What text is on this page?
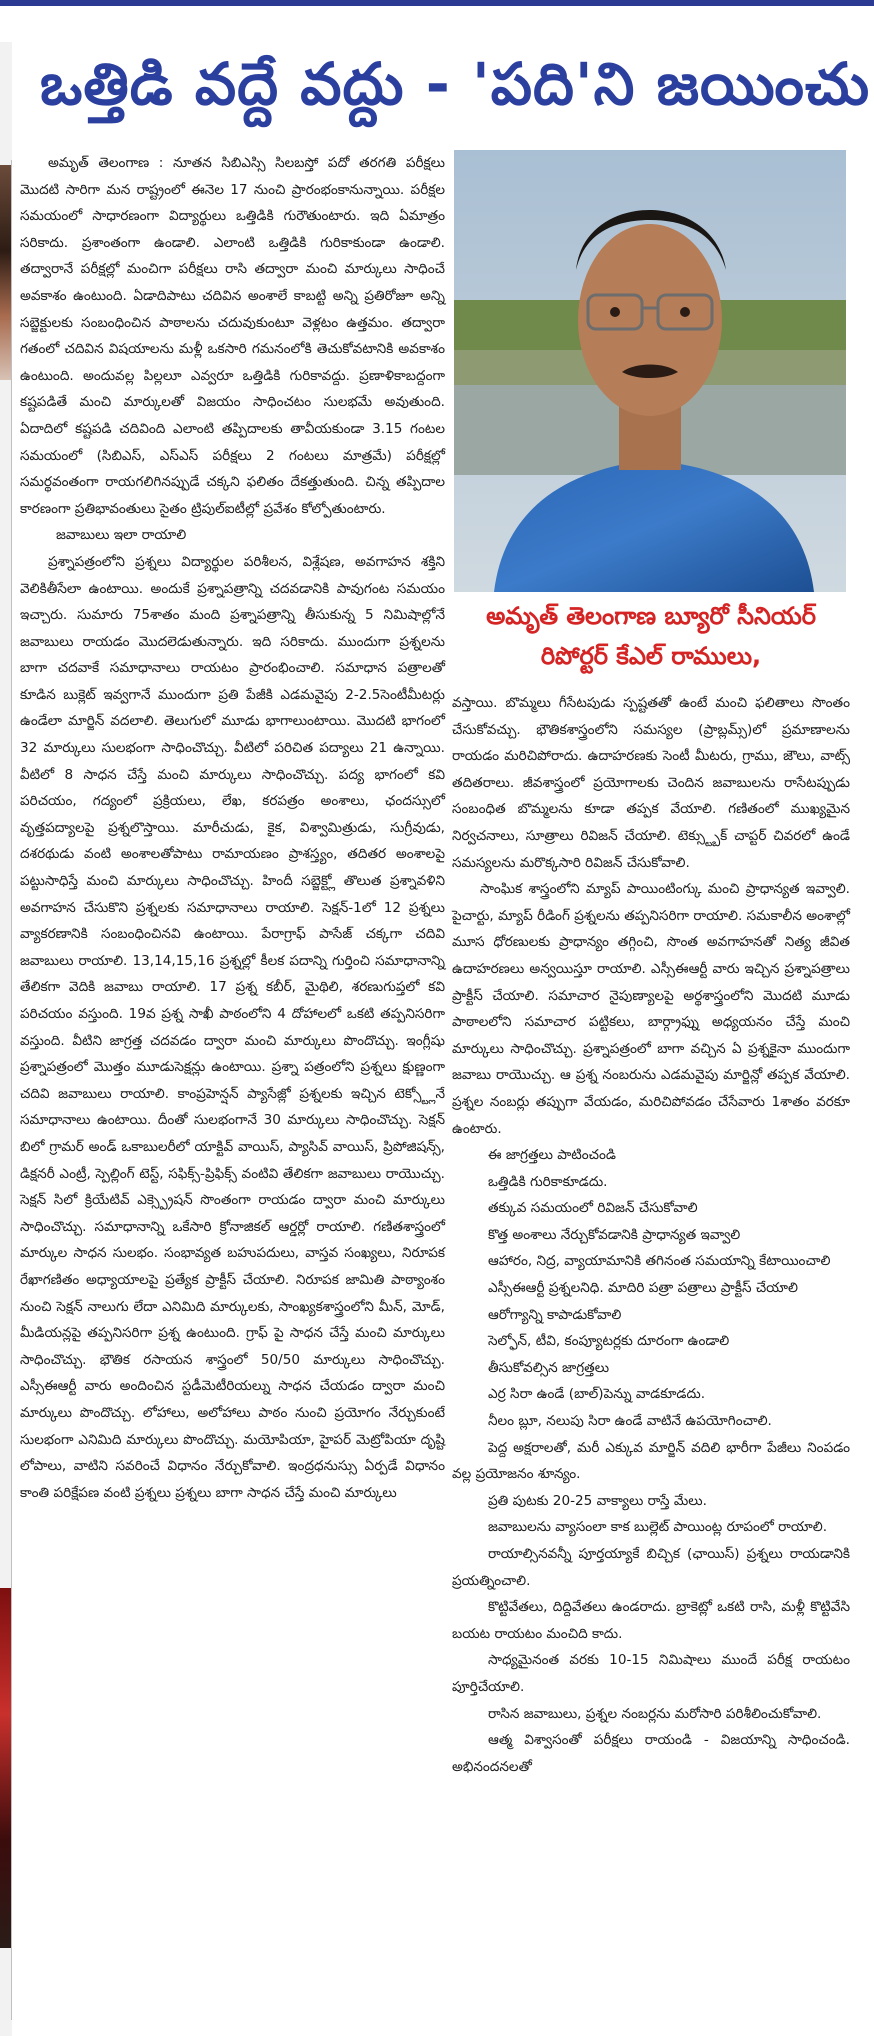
ఒత్తిడి వద్దే వద్దు - 'పది'ని జయించు

అమృత్ తెలంగాణ : నూతన సిబిఎస్సి సిలబస్తో పదో తరగతి పరీక్షలు మొదటి సారిగా మన రాష్ట్రంలో ఈనెల 17 నుంచి ప్రారంభంకానున్నాయి. పరీక్షల సమయంలో సాధారణంగా విద్యార్థులు ఒత్తిడికి గురౌతుంటారు. ఇది ఏమాత్రం సరికాదు. ప్రశాంతంగా ఉండాలి. ఎలాంటి ఒత్తిడికి గురికాకుండా ఉండాలి. తద్వారానే పరీక్షల్లో మంచిగా పరీక్షలు రాసి తద్వారా మంచి మార్కులు సాధించే అవకాశం ఉంటుంది. ఏడాదిపాటు చదివిన అంశాలే కాబట్టి అన్ని ప్రతిరోజూ అన్ని సబ్జెక్టులకు సంబంధించిన పాఠాలను చదువుకుంటూ వెళ్లటం ఉత్తమం. తద్వారా గతంలో చదివిన విషయాలను మళ్లీ ఒకసారి గమనంలోకి తెచుకోవటానికి అవకాశం ఉంటుంది. అందువల్ల పిల్లలూ ఎవ్వరూ ఒత్తిడికి గురికావద్దు. ప్రణాళికాబద్దంగా కష్టపడితే మంచి మార్కులతో విజయం సాధించటం సులభమే అవుతుంది. ఏదాదిలో కష్టపడి చదివింది ఎలాంటి తప్పిదాలకు తావీయకుండా 3.15 గంటల సమయంలో (సిబిఎస్, ఎస్ఎస్ పరీక్షలు 2 గంటలు మాత్రమే) పరీక్షల్లో సమర్థవంతంగా రాయగలిగినప్పుడే చక్కని ఫలితం దేకత్తుతుంది. చిన్న తప్పిదాల కారణంగా ప్రతిభావంతులు సైతం ట్రిపుల్ఐటీల్లో ప్రవేశం కోల్పోతుంటారు.

జవాబులు ఇలా రాయాలి

ప్రశ్నాపత్రంలోని ప్రశ్నలు విద్యార్థుల పరిశీలన, విశ్లేషణ, అవగాహన శక్తిని వెలికితీసేలా ఉంటాయి. అందుకే ప్రశ్నాపత్రాన్ని చదవడానికి పావుగంట సమయం ఇచ్చారు. సుమారు 75శాతం మంది ప్రశ్నాపత్రాన్ని తీసుకున్న 5 నిమిషాల్లోనే జవాబులు రాయడం మొదలెడుతున్నారు. ఇది సరికాదు. ముందుగా ప్రశ్నలను బాగా చదవాకే సమాధానాలు రాయటం ప్రారంభించాలి. సమాధాన పత్రాలతో కూడిన బుక్లెట్ ఇవ్వగానే ముందుగా ప్రతి పేజీకి ఎడమవైపు 2-2.5సెంటీమీటర్లు ఉండేలా మార్జిన్ వదలాలి. తెలుగులో మూడు భాగాలుంటాయి. మొదటి భాగంలో 32 మార్కులు సులభంగా సాధించొచ్చు. వీటిలో పరిచిత పద్యాలు 21 ఉన్నాయి. వీటిలో 8 సాధన చేస్తే మంచి మార్కులు సాధించొచ్చు. పద్య భాగంలో కవి పరిచయం, గద్యంలో ప్రక్రియలు, లేఖ, కరపత్రం అంశాలు, ఛందస్సులో వృత్తపద్యాలపై ప్రశ్నలొస్తాయి. మారీచుడు, కైక, విశ్వామిత్రుడు, సుగ్రీవుడు, దశరథుడు వంటి అంశాలతోపాటు రామాయణం ప్రాశస్త్యం, తదితర అంశాలపై పట్టుసాధిస్తే మంచి మార్కులు సాధించొచ్చు. హిందీ సబ్జెక్ట్లో తొలుత ప్రశ్నావళిని అవగాహన చేసుకొని ప్రశ్నలకు సమాధానాలు రాయాలి. సెక్షన్-1లో 12 ప్రశ్నలు వ్యాకరణానికి సంబంధించినవి ఉంటాయి. పేరాగ్రాఫ్ పాసేజ్ చక్కగా చదివి జవాబులు రాయాలి. 13,14,15,16 ప్రశ్నల్లో కీలక పదాన్ని గుర్తించి సమాధానాన్ని తేలికగా వెదికి జవాబు రాయాలి. 17 ప్రశ్న కబీర్, మైథిలి, శరణుగుప్తలో కవి పరిచయం వస్తుంది. 19వ ప్రశ్న సాఖీ పాఠంలోని 4 దోహాలలో ఒకటి తప్పనిసరిగా వస్తుంది. వీటిని జాగ్రత్త చదవడం ద్వారా మంచి మార్కులు పొందొచ్చు. ఇంగ్లీషు ప్రశ్నాపత్రంలో మొత్తం మూడుసెక్షన్లు ఉంటాయి. ప్రశ్నా పత్రంలోని ప్రశ్నలు క్షుణ్ణంగా చదివి జవాబులు రాయాలి. కాంప్రహెన్షన్ ప్యాసేజ్లో ప్రశ్నలకు ఇచ్చిన టెక్స్ట్లోనే సమాధానాలు ఉంటాయి. దీంతో సులభంగానే 30 మార్కులు సాధించొచ్చు. సెక్షన్ బిలో గ్రామర్ అండ్ ఒకాబులరీలో యాక్టివ్ వాయిస్, ప్యాసివ్ వాయిస్, ప్రిపోజిషన్స్, డిక్షనరీ ఎంట్రీ, స్పెల్లింగ్ టెస్ట్, సఫిక్స్-ప్రిఫిక్స్ వంటివి తేలికగా జవాబులు రాయొచ్చు. సెక్షన్ సిలో క్రియేటివ్ ఎక్స్ప్రెషన్ సొంతంగా రాయడం ద్వారా మంచి మార్కులు సాధించొచ్చు. సమాధానాన్ని ఒకేసారి క్రోనాజికల్ ఆర్డర్లో రాయాలి. గణితశాస్త్రంలో మార్కుల సాధన సులభం. సంభావ్యత బహుపదులు, వాస్తవ సంఖ్యలు, నిరూపక రేఖాగణితం అధ్యాయాలపై ప్రత్యేక ప్రాక్టీస్ చేయాలి. నిరూపక జామితి పాఠ్యాంశం నుంచి సెక్షన్ నాలుగు లేదా ఎనిమిది మార్కులకు, సాంఖ్యకశాస్త్రంలోని మీన్, మోడ్, మీడియన్లపై తప్పనిసరిగా ప్రశ్న ఉంటుంది. గ్రాఫ్ పై సాధన చేస్తే మంచి మార్కులు సాధించొచ్చు. భౌతిక రసాయన శాస్త్రంలో 50/50 మార్కులు సాధించొచ్చు. ఎస్సీఈఆర్టీ వారు అందించిన స్టడీమెటీరియల్ను సాధన చేయడం ద్వారా మంచి మార్కులు పొందొచ్చు. లోహాలు, అలోహాలు పాఠం నుంచి ప్రయోగం నేర్చుకుంటే సులభంగా ఎనిమిది మార్కులు పొందొచ్చు. మయోపియా, హైపర్ మెట్రోపియా దృష్టి లోపాలు, వాటిని సవరించే విధానం నేర్చుకోవాలి. ఇంద్రధనుస్సు ఏర్పడే విధానం కాంతి పరిక్షేపణ వంటి ప్రశ్నలు ప్రశ్నలు బాగా సాధన చేస్తే మంచి మార్కులు

అమృత్ తెలంగాణ బ్యూరో సీనియర్ రిపోర్టర్ కేఎల్ రాములు,

వస్తాయి. బొమ్మలు గీసేటపుడు స్పష్టతతో ఉంటే మంచి ఫలితాలు సొంతం చేసుకోవచ్చు. భౌతికశాస్త్రంలోని సమస్యల (ప్రాబ్లమ్స్)లో ప్రమాణాలను రాయడం మరిచిపోరాదు. ఉదాహరణకు సెంటీ మీటరు, గ్రాము, జౌలు, వాట్స్ తదితరాలు. జీవశాస్త్రంలో ప్రయోగాలకు చెందిన జవాబులను రాసేటప్పుడు సంబంధిత బొమ్మలను కూడా తప్పక వేయాలి. గణితంలో ముఖ్యమైన నిర్వచనాలు, సూత్రాలు రివిజన్ చేయాలి. టెక్స్ట్బుక్ చాప్టర్ చివరలో ఉండే సమస్యలను మరొక్కసారి రివిజన్ చేసుకోవాలి.

సాంఘిక శాస్త్రంలోని మ్యాప్ పాయింటింగ్కు మంచి ప్రాధాన్యత ఇవ్వాలి. పైచార్టు, మ్యాప్ రీడింగ్ ప్రశ్నలను తప్పనిసరిగా రాయాలి. సమకాలీన అంశాల్లో మూస ధోరణులకు ప్రాధాన్యం తగ్గించి, సొంత అవగాహనతో నిత్య జీవిత ఉదాహరణలు అన్వయిస్తూ రాయాలి. ఎస్సీఈఆర్టీ వారు ఇచ్చిన ప్రశ్నాపత్రాలు ప్రాక్టీస్ చేయాలి. సమాచార నైపుణ్యాలపై అర్థశాస్త్రంలోని మొదటి మూడు పాఠాలలోని సమాచార పట్టికలు, బార్గ్రాఫ్ను అధ్యయనం చేస్తే మంచి మార్కులు సాధించొచ్చు. ప్రశ్నాపత్రంలో బాగా వచ్చిన ఏ ప్రశ్నకైనా ముందుగా జవాబు రాయొచ్చు. ఆ ప్రశ్న నంబరును ఎడమవైపు మార్జిన్లో తప్పక వేయాలి. ప్రశ్నల నంబర్లు తప్పుగా వేయడం, మరిచిపోవడం చేసేవారు 1శాతం వరకూ ఉంటారు.

ఈ జాగ్రత్తలు పాటించండి

ఒత్తిడికి గురికాకూడదు.

తక్కువ సమయంలో రివిజన్ చేసుకోవాలి

కొత్త అంశాలు నేర్చుకోవడానికి ప్రాధాన్యత ఇవ్వాలి

ఆహారం, నిద్ర, వ్యాయామానికి తగినంత సమయాన్ని కేటాయించాలి

ఎస్సీఈఆర్టీ ప్రశ్నలనిధి. మాదిరి పత్రా పత్రాలు ప్రాక్టీస్ చేయాలి

ఆరోగ్యాన్ని కాపాడుకోవాలి

సెల్ఫోన్, టీవి, కంప్యూటర్లకు దూరంగా ఉండాలి

తీసుకోవల్సిన జాగ్రత్తలు

ఎర్ర సిరా ఉండే (బాల్)పెన్ను వాడకూడదు.

నీలం బ్లూ, నలుపు సిరా ఉండే వాటినే ఉపయోగించాలి.

పెద్ద అక్షరాలతో, మరీ ఎక్కువ మార్జిన్ వదిలి భారీగా పేజీలు నింపడం వల్ల ప్రయోజనం శూన్యం.

ప్రతి పుటకు 20-25 వాక్యాలు రాస్తే మేలు.

జవాబులను వ్యాసంలా కాక బుల్లెట్ పాయింట్ల రూపంలో రాయాలి.

రాయాల్సినవన్నీ పూర్తయ్యాకే బిచ్చిక (ఛాయిస్) ప్రశ్నలు రాయడానికి ప్రయత్నించాలి.

కొట్టివేతలు, దిద్దివేతలు ఉండరాదు. బ్రాకెట్లో ఒకటి రాసి, మళ్లీ కొట్టివేసి బయట రాయటం మంచిది కాదు.

సాధ్యమైనంత వరకు 10-15 నిమిషాలు ముందే పరీక్ష రాయటం పూర్తిచేయాలి.

రాసిన జవాబులు, ప్రశ్నల నంబర్లను మరోసారి పరిశీలించుకోవాలి.

ఆత్మ విశ్వాసంతో పరీక్షలు రాయండి - విజయాన్ని సాధించండి. అభినందనలతో
